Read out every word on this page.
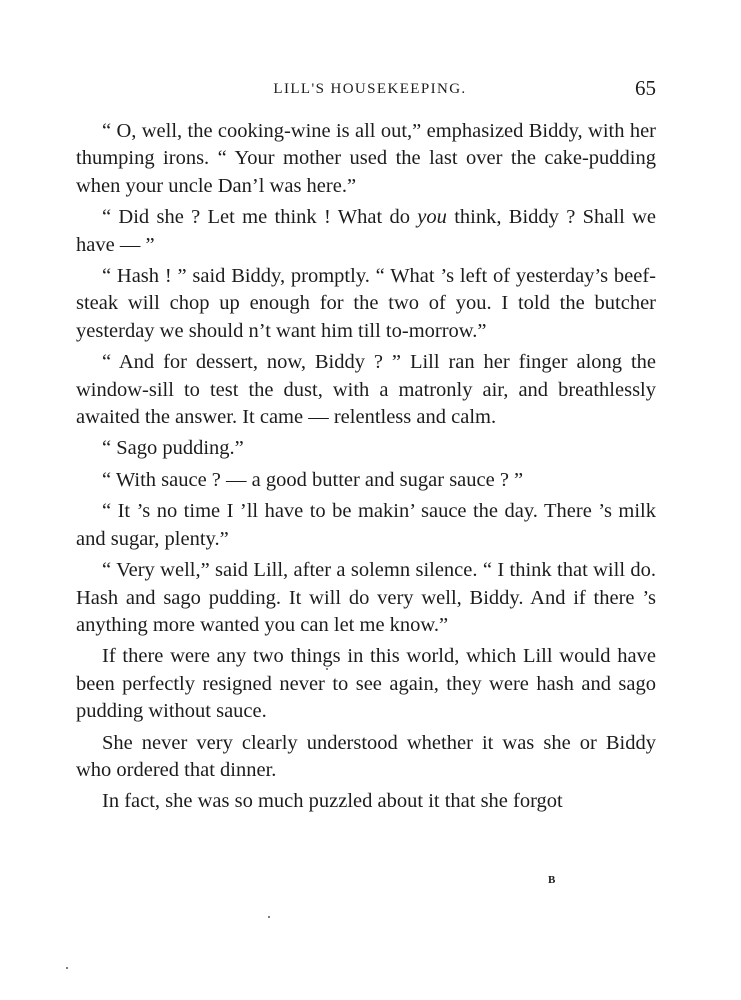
LILL'S HOUSEKEEPING.	65

“ O, well, the cooking-wine is all out,” emphasized Biddy, with her thumping irons. “ Your mother used the last over the cake-pudding when your uncle Dan’l was here.”

“ Did she ? Let me think ! What do you think, Biddy ? Shall we have — ”

“ Hash ! ” said Biddy, promptly. “ What ’s left of yesterday’s beef-steak will chop up enough for the two of you. I told the butcher yesterday we should n’t want him till to-morrow.”

“ And for dessert, now, Biddy ? ” Lill ran her finger along the window-sill to test the dust, with a matronly air, and breathlessly awaited the answer. It came — relentless and calm.

“ Sago pudding.”

“ With sauce ? — a good butter and sugar sauce ? ”

“ It ’s no time I ’ll have to be makin’ sauce the day. There ’s milk and sugar, plenty.”

“ Very well,” said Lill, after a solemn silence. “ I think that will do. Hash and sago pudding. It will do very well, Biddy. And if there ’s anything more wanted you can let me know.”

If there were any two things in this world, which Lill would have been perfectly resigned never to see again, they were hash and sago pudding without sauce.

She never very clearly understood whether it was she or Biddy who ordered that dinner.

In fact, she was so much puzzled about it that she forgot

B
